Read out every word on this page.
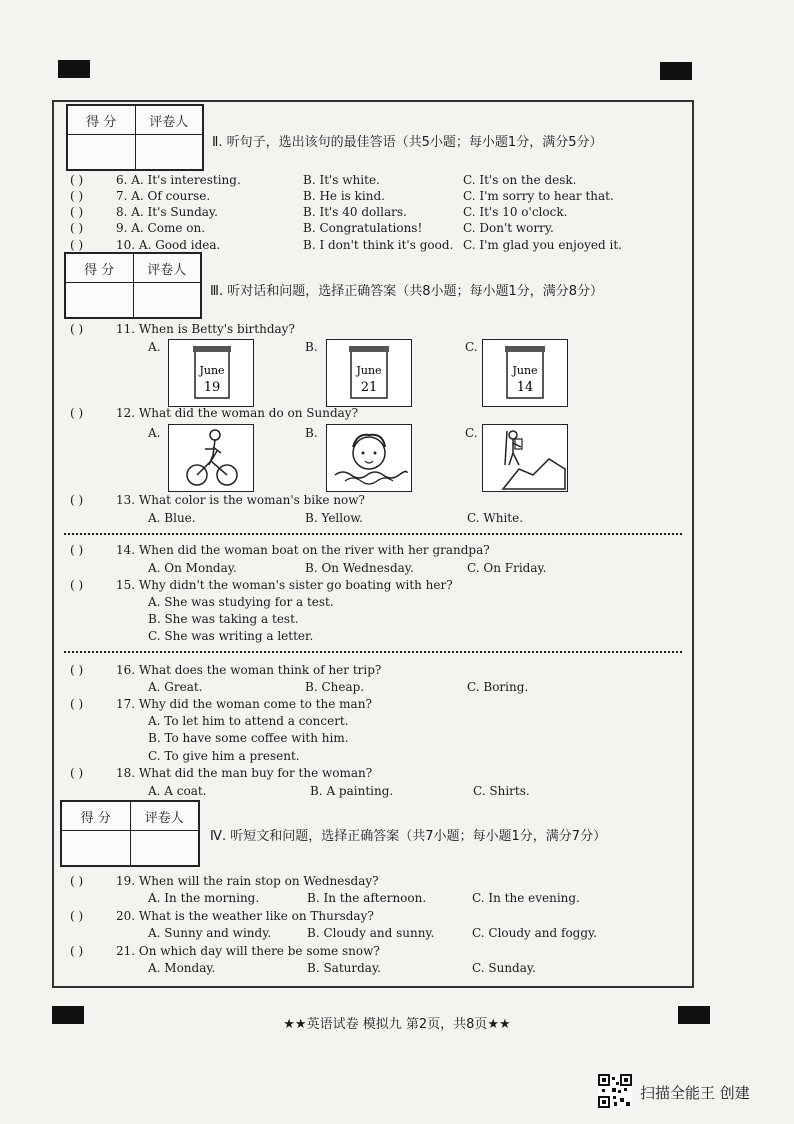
得 分	评卷人
Ⅱ. 听句子，选出该句的最佳答语（共5小题；每小题1分，满分5分）
( )	6. A. It's interesting.	B. It's white.	C. It's on the desk.
( )	7. A. Of course.	B. He is kind.	C. I'm sorry to hear that.
( )	8. A. It's Sunday.	B. It's 40 dollars.	C. It's 10 o'clock.
( )	9. A. Come on.	B. Congratulations!	C. Don't worry.
( )	10. A. Good idea.	B. I don't think it's good. C. I'm glad you enjoyed it.
得 分	评卷人
Ⅲ. 听对话和问题，选择正确答案（共8小题；每小题1分，满分8分）
( )	11. When is Betty's birthday?
A.	B.	C.
June
19
June
21
June
14
( )	12. What did the woman do on Sunday?
A.	B.	C.
( )	13. What color is the woman's bike now?
A. Blue.	B. Yellow.	C. White.
( )	14. When did the woman boat on the river with her grandpa?
A. On Monday.	B. On Wednesday.	C. On Friday.
( )	15. Why didn't the woman's sister go boating with her?
A. She was studying for a test.
B. She was taking a test.
C. She was writing a letter.
( )	16. What does the woman think of her trip?
A. Great.	B. Cheap.	C. Boring.
( )	17. Why did the woman come to the man?
A. To let him to attend a concert.
B. To have some coffee with him.
C. To give him a present.
( )	18. What did the man buy for the woman?
A. A coat.	B. A painting.	C. Shirts.
得 分	评卷人
Ⅳ. 听短文和问题，选择正确答案（共7小题；每小题1分，满分7分）
( )	19. When will the rain stop on Wednesday?
A. In the morning.	B. In the afternoon.	C. In the evening.
( )	20. What is the weather like on Thursday?
A. Sunny and windy.	B. Cloudy and sunny.	C. Cloudy and foggy.
( )	21. On which day will there be some snow?
A. Monday.	B. Saturday.	C. Sunday.
★★英语试卷 模拟九 第2页，共8页★★
扫描全能王 创建
